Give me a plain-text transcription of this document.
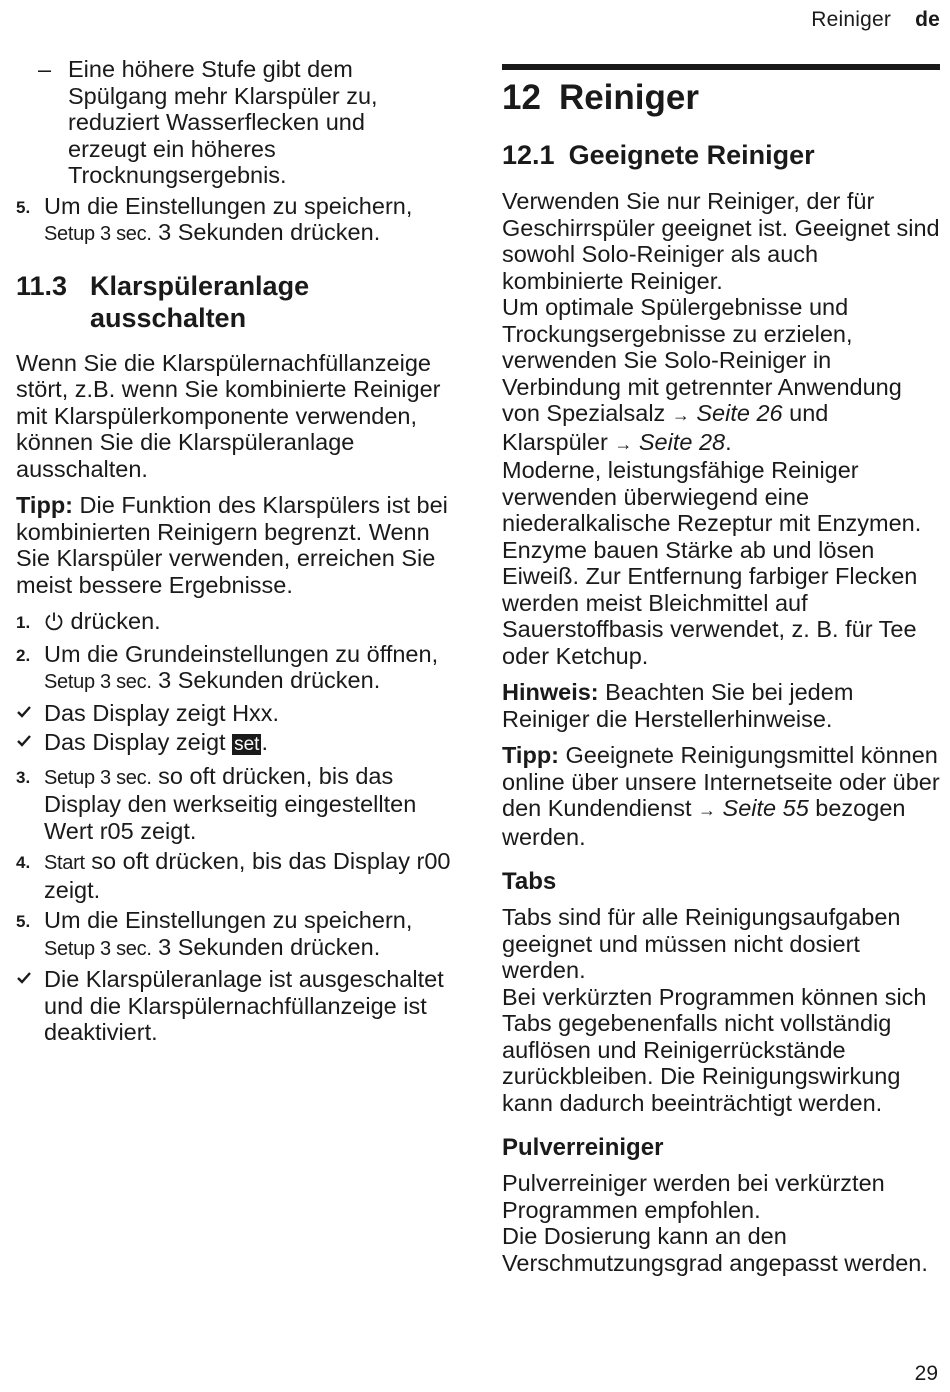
Reiniger de
– Eine höhere Stufe gibt dem Spülgang mehr Klarspüler zu, reduziert Wasserflecken und erzeugt ein höheres Trocknungsergebnis.
5. Um die Einstellungen zu speichern,
Setup 3 sec. 3 Sekunden drücken.
11.3 Klarspüleranlage ausschalten

Wenn Sie die Klarspülernachfüllanzeige stört, z.B. wenn Sie kombinierte Reiniger mit Klarspülerkomponente verwenden, können Sie die Klarspüleranlage ausschalten.

Tipp: Die Funktion des Klarspülers ist bei kombinierten Reinigern begrenzt. Wenn Sie Klarspüler verwenden, erreichen Sie meist bessere Ergebnisse.

1.	drücken.
2. Um die Grundeinstellungen zu öffnen, Setup 3 sec. 3 Sekunden drücken.
Das Display zeigt Hxx.
Das Display zeigt set.
3. Setup 3 sec. so oft drücken, bis das Display den werkseitig eingestellten Wert r05 zeigt.
4. Start so oft drücken, bis das Display r00 zeigt.
5. Um die Einstellungen zu speichern,
Setup 3 sec. 3 Sekunden drücken.
Die Klarspüleranlage ist ausgeschaltet und die Klarspülernachfüllanzeige ist deaktiviert.
12 Reiniger
12.1 Geeignete Reiniger

Verwenden Sie nur Reiniger, der für Geschirrspüler geeignet ist. Geeignet sind sowohl Solo-Reiniger als auch kombinierte Reiniger.

Um optimale Spülergebnisse und Trockungsergebnisse zu erzielen, verwenden Sie Solo-Reiniger in Verbindung mit getrennter Anwendung von Spezialsalz → Seite 26 und Klarspüler → Seite 28.

Moderne, leistungsfähige Reiniger verwenden überwiegend eine niederalkalische Rezeptur mit Enzymen. Enzyme bauen Stärke ab und lösen Eiweiß. Zur Entfernung farbiger Flecken werden meist Bleichmittel auf Sauerstoffbasis verwendet, z. B. für Tee oder Ketchup.

Hinweis: Beachten Sie bei jedem Reiniger die Herstellerhinweise.

Tipp: Geeignete Reinigungsmittel können online über unsere Internetseite oder über den Kundendienst → Seite 55 bezogen werden.

Tabs

Tabs sind für alle Reinigungsaufgaben geeignet und müssen nicht dosiert werden.

Bei verkürzten Programmen können sich Tabs gegebenenfalls nicht vollständig auflösen und Reinigerrückstände zurückbleiben. Die Reinigungswirkung kann dadurch beeinträchtigt werden.

Pulverreiniger

Pulverreiniger werden bei verkürzten Programmen empfohlen.

Die Dosierung kann an den Verschmutzungsgrad angepasst werden.

29
